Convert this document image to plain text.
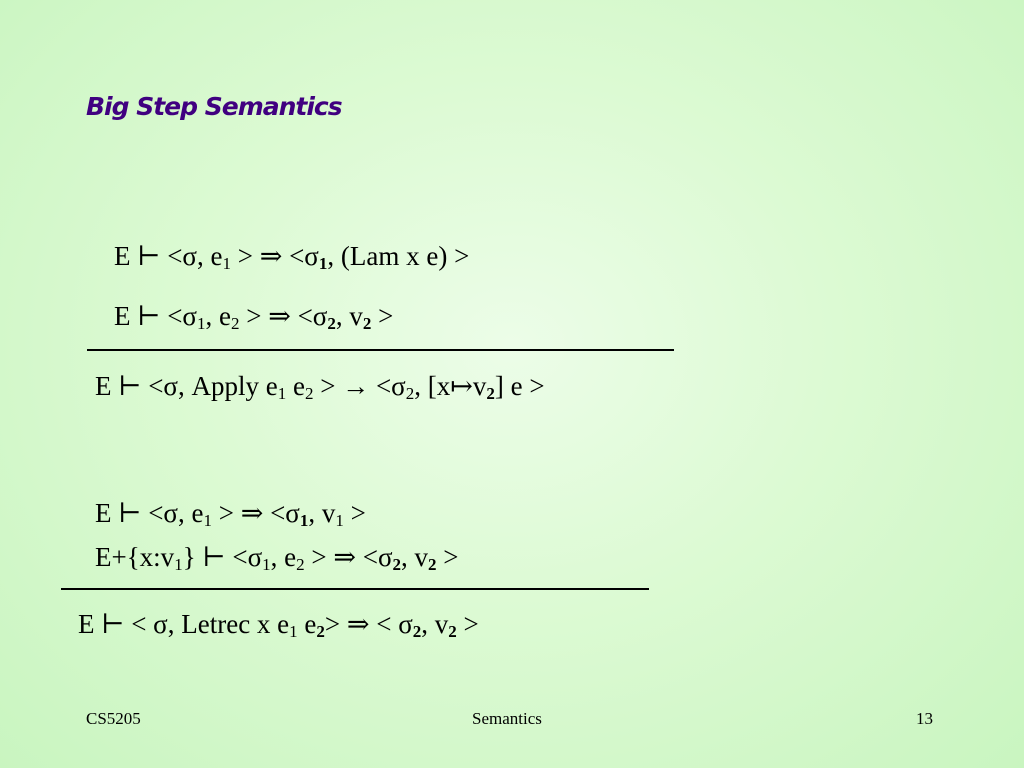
Big Step Semantics
E ⊢ <σ, $e_1$ > ⇒ $<\sigma_1$, (Lam x e) >
E ⊢ $<\sigma_1$, $e_2$ > ⇒ $<\sigma_2$, $v_2$ >
E ⊢ <σ, Apply $e_1$ $e_2$ > → $<\sigma_2$, $[x↦v_2] e$ >
E ⊢ <σ, $e_1$ > ⇒ $<\sigma_1$, $v_1$ >
$E+\{x:v_1\}$ ⊢ $<\sigma_1$, $e_2$ > ⇒ $<\sigma_2$, $v_2$ >
E ⊢ < σ, Letrec x $e_1$ $e_2>$ ⇒ < $\sigma_2$, $v_2$ >
CS5205	Semantics	13
